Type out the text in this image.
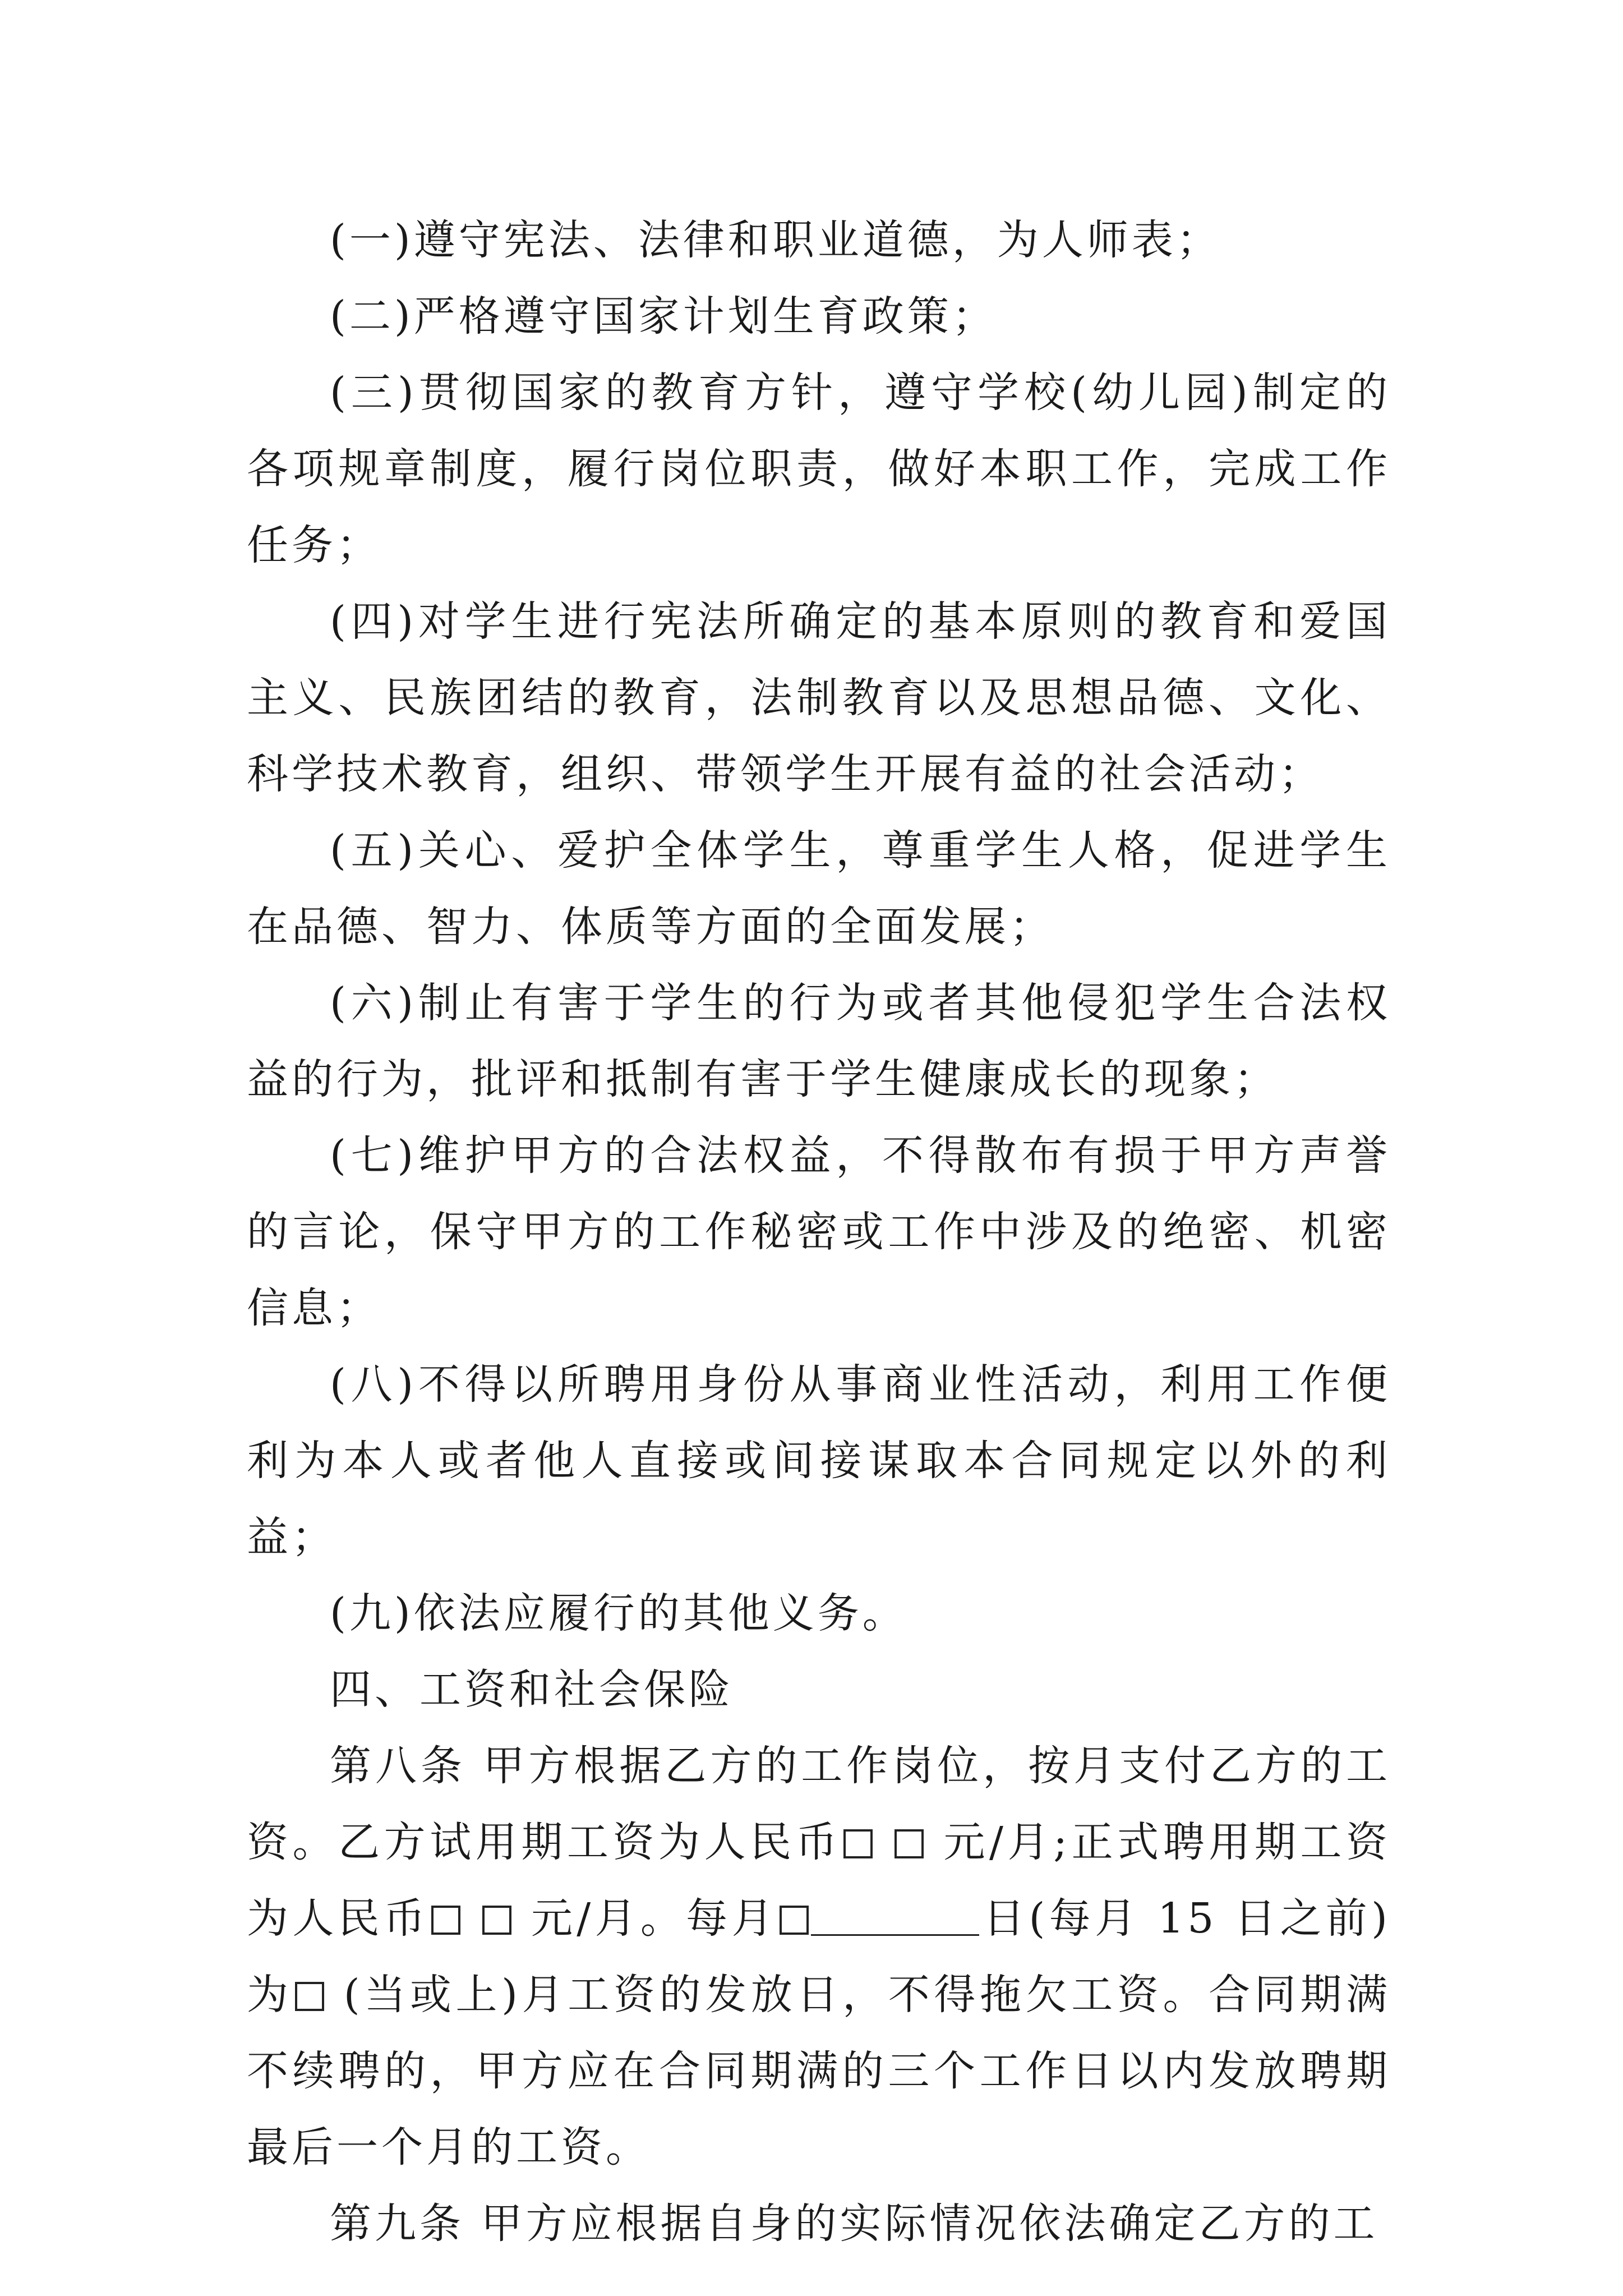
(一)遵守宪法、法律和职业道德，为人师表；

(二)严格遵守国家计划生育政策；

(三)贯彻国家的教育方针，遵守学校(幼儿园)制定的各项规章制度，履行岗位职责，做好本职工作，完成工作任务；

(四)对学生进行宪法所确定的基本原则的教育和爱国主义、民族团结的教育，法制教育以及思想品德、文化、科学技术教育，组织、带领学生开展有益的社会活动；

(五)关心、爱护全体学生，尊重学生人格，促进学生在品德、智力、体质等方面的全面发展；

(六)制止有害于学生的行为或者其他侵犯学生合法权益的行为，批评和抵制有害于学生健康成长的现象；

(七)维护甲方的合法权益，不得散布有损于甲方声誉的言论，保守甲方的工作秘密或工作中涉及的绝密、机密信息；

(八)不得以所聘用身份从事商业性活动，利用工作便利为本人或者他人直接或间接谋取本合同规定以外的利益；

(九)依法应履行的其他义务。

四、工资和社会保险

第八条 甲方根据乙方的工作岗位，按月支付乙方的工资。乙方试用期工资为人民币 元/月;正式聘用期工资为人民币 元/月。每月	日(每月 15 日之前)为 (当或上)月工资的发放日，不得拖欠工资。合同期满不续聘的，甲方应在合同期满的三个工作日以内发放聘期最后一个月的工资。

第九条 甲方应根据自身的实际情况依法确定乙方的工
